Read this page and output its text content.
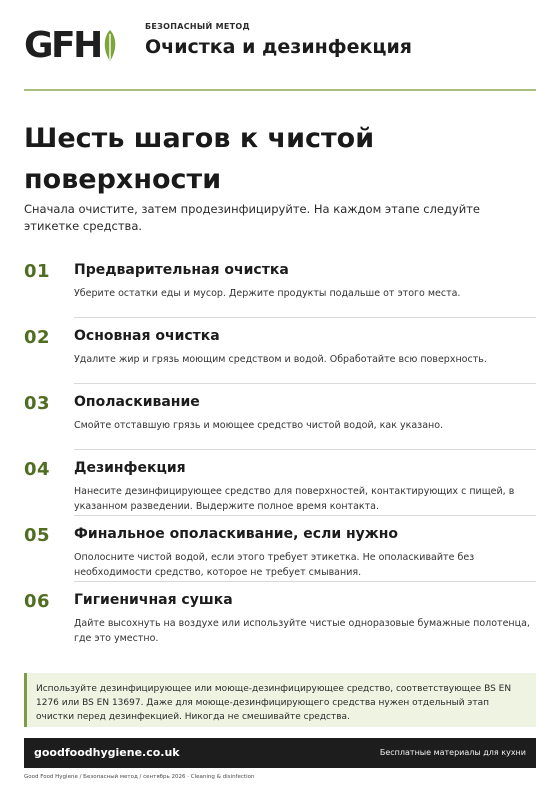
GFH	БЕЗОПАСНЫЙ МЕТОД
Очистка и дезинфекция
Шесть шагов к чистой поверхности

Сначала очистите, затем продезинфицируйте. На каждом этапе следуйте этикетке средства.

01 Предварительная очистка
Уберите остатки еды и мусор. Держите продукты подальше от этого места.
02 Основная очистка
Удалите жир и грязь моющим средством и водой. Обработайте всю поверхность.
03 Ополаскивание
Смойте отставшую грязь и моющее средство чистой водой, как указано.
04 Дезинфекция
Нанесите дезинфицирующее средство для поверхностей, контактирующих с пищей, в указанном разведении. Выдержите полное время контакта.
05 Финальное ополаскивание, если нужно
Ополосните чистой водой, если этого требует этикетка. Не ополаскивайте без необходимости средство, которое не требует смывания.
06 Гигиеничная сушка
Дайте высохнуть на воздухе или используйте чистые одноразовые бумажные полотенца, где это уместно.
Используйте дезинфицирующее или моюще-дезинфицирующее средство, соответствующее BS EN 1276 или BS EN 13697. Даже для моюще-дезинфицирующего средства нужен отдельный этап очистки перед дезинфекцией. Никогда не смешивайте средства.
goodfoodhygiene.co.uk	Бесплатные материалы для кухни
Good Food Hygiene / Безопасный метод / сентябрь 2026 · Cleaning & disinfection
